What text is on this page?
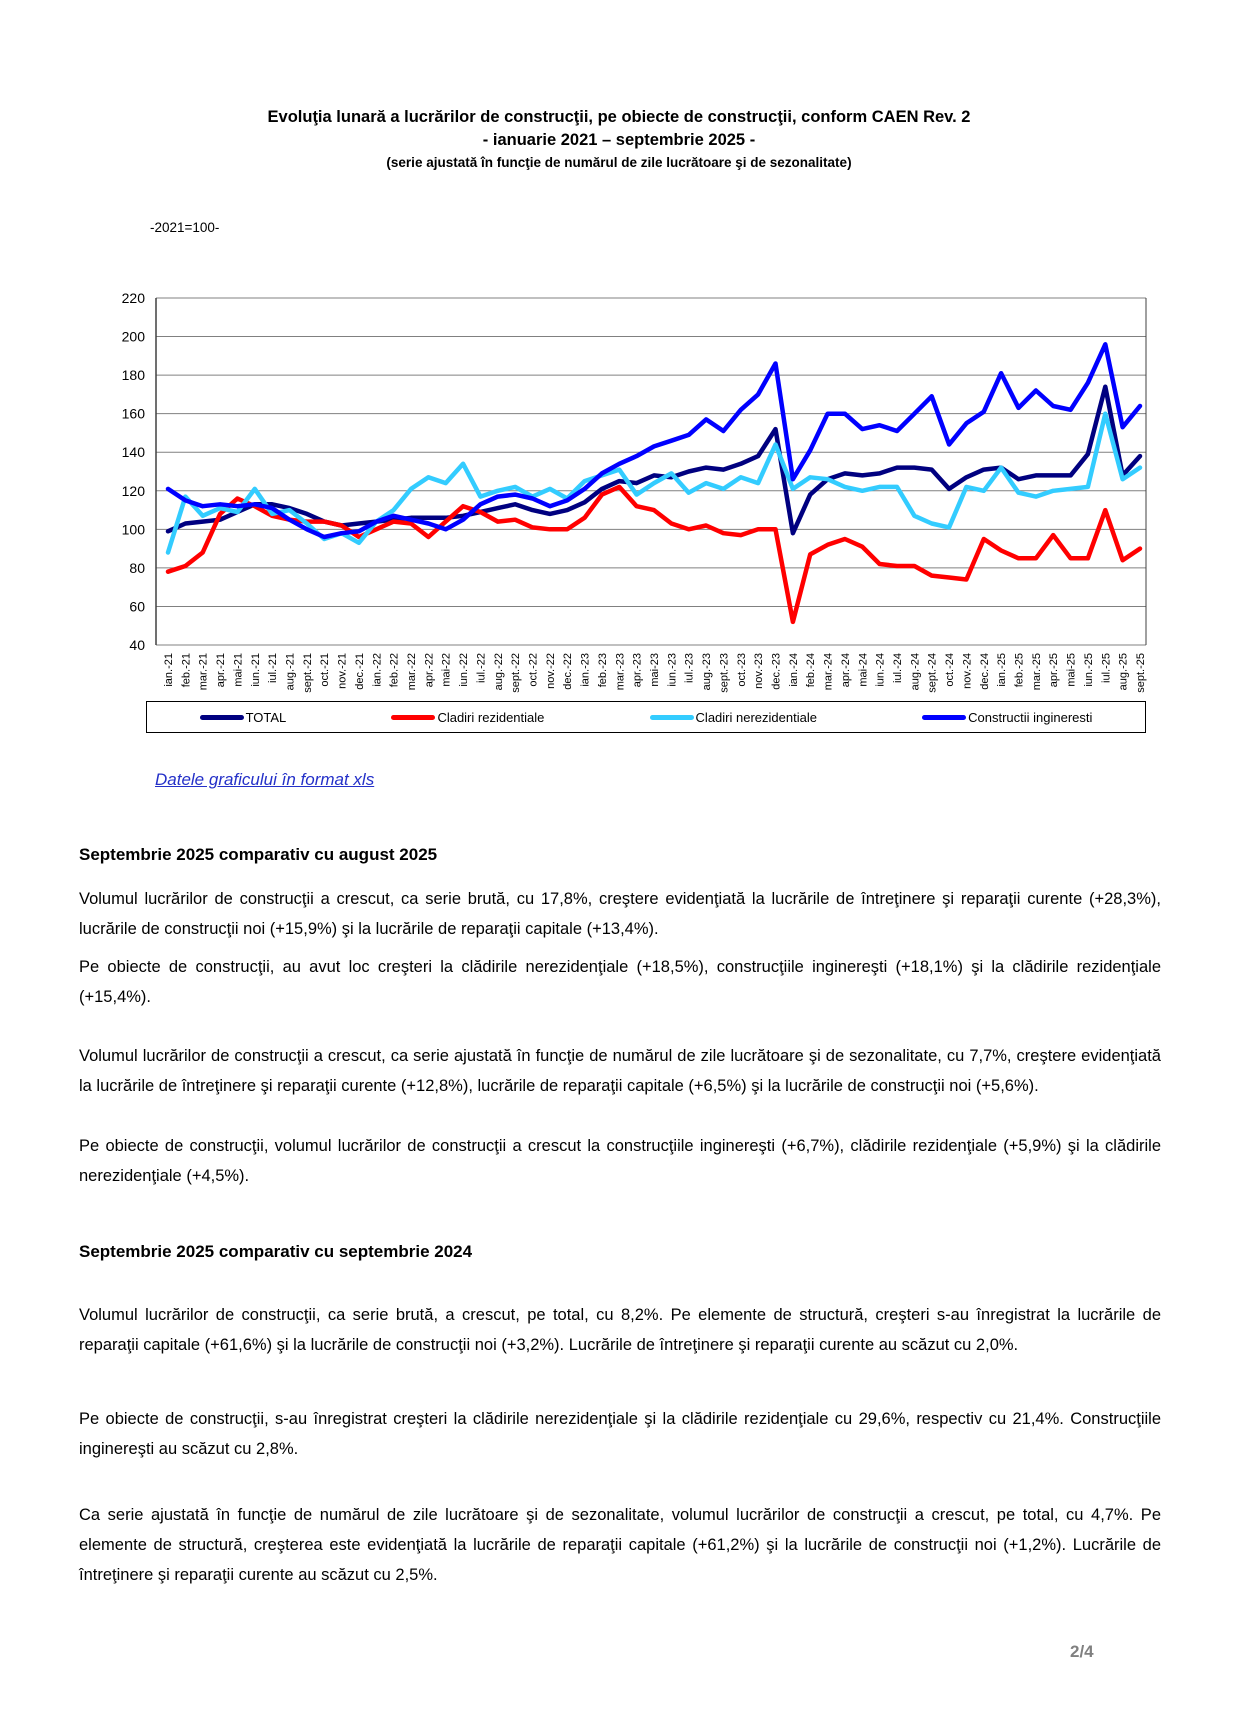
Evoluţia lunară a lucrărilor de construcţii, pe obiecte de construcţii, conform CAEN Rev. 2
- ianuarie 2021 – septembrie 2025 -
(serie ajustată în funcţie de numărul de zile lucrătoare şi de sezonalitate)
-2021=100-
40
60
80
100
120
140
160
180
200
220
ian.-21 feb.-21 mar.-21 apr.-21 mai-21 iun.-21 iul.-21 aug.-21 sept.-21 oct.-21 nov.-21 dec.-21 ian.-22 feb.-22 mar.-22 apr.-22 mai-22 iun.-22 iul.-22 aug.-22 sept.-22 oct.-22 nov.-22 dec.-22 ian.-23 feb.-23 mar.-23 apr.-23 mai-23 iun.-23 iul.-23 aug.-23 sept.-23 oct.-23 nov.-23 dec.-23 ian.-24 feb.-24 mar.-24 apr.-24 mai-24 iun.-24 iul.-24 aug.-24 sept.-24 oct.-24 nov.-24 dec.-24 ian.-25 feb.-25 mar.-25 apr.-25 mai-25 iun.-25 iul.-25 aug.-25 sept.-25
TOTAL	Cladiri rezidentiale	Cladiri nerezidentiale	Constructii ingineresti
Datele graficului în format xls
Septembrie 2025 comparativ cu august 2025
Volumul lucrărilor de construcţii a crescut, ca serie brută, cu 17,8%, creştere evidenţiată la lucrările de întreţinere şi reparaţii curente (+28,3%), lucrările de construcţii noi (+15,9%) şi la lucrările de reparaţii capitale (+13,4%).
Pe obiecte de construcţii, au avut loc creşteri la clădirile nerezidenţiale (+18,5%), construcţiile inginereşti (+18,1%) şi la clădirile rezidenţiale (+15,4%).
Volumul lucrărilor de construcţii a crescut, ca serie ajustată în funcţie de numărul de zile lucrătoare şi de sezonalitate, cu 7,7%, creştere evidenţiată la lucrările de întreţinere şi reparaţii curente (+12,8%), lucrările de reparaţii capitale (+6,5%) şi la lucrările de construcţii noi (+5,6%).
Pe obiecte de construcţii, volumul lucrărilor de construcţii a crescut la construcţiile inginereşti (+6,7%), clădirile rezidenţiale (+5,9%) şi la clădirile nerezidenţiale (+4,5%).
Septembrie 2025 comparativ cu septembrie 2024
Volumul lucrărilor de construcţii, ca serie brută, a crescut, pe total, cu 8,2%. Pe elemente de structură, creşteri s-au înregistrat la lucrările de reparaţii capitale (+61,6%) şi la lucrările de construcţii noi (+3,2%). Lucrările de întreţinere şi reparaţii curente au scăzut cu 2,0%.
Pe obiecte de construcţii, s-au înregistrat creşteri la clădirile nerezidenţiale şi la clădirile rezidenţiale cu 29,6%, respectiv cu 21,4%. Construcţiile inginereşti au scăzut cu 2,8%.
Ca serie ajustată în funcţie de numărul de zile lucrătoare şi de sezonalitate, volumul lucrărilor de construcţii a crescut, pe total, cu 4,7%. Pe elemente de structură, creşterea este evidenţiată la lucrările de reparaţii capitale (+61,2%) şi la lucrările de construcţii noi (+1,2%). Lucrările de întreţinere şi reparaţii curente au scăzut cu 2,5%.
2/4
